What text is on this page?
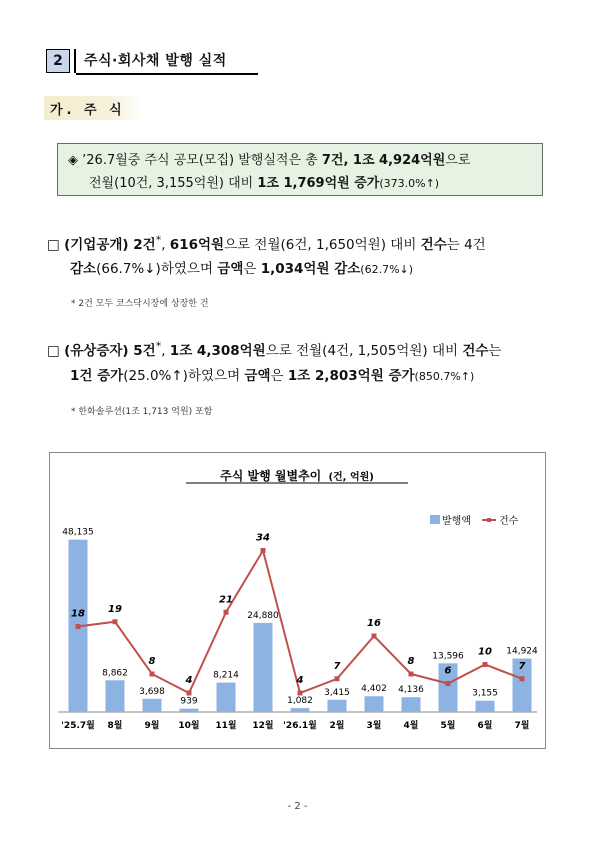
2	주식·회사채 발행 실적
가. 주 식
◈ ’26.7월중 주식 공모(모집) 발행실적은 총 7건, 1조 4,924억원으로
전월(10건, 3,155억원) 대비 1조 1,769억원 증가(373.0%↑)
□ (기업공개) 2건*, 616억원으로 전월(6건, 1,650억원) 대비 건수는 4건
감소(66.7%↓)하였으며 금액은 1,034억원 감소(62.7%↓)
* 2건 모두 코스닥시장에 상장한 건
□ (유상증자) 5건*, 1조 4,308억원으로 전월(4건, 1,505억원) 대비 건수는
1건 증가(25.0%↑)하였으며 금액은 1조 2,803억원 증가(850.7%↑)
* 한화솔루션(1조 1,713 억원) 포함
주식 발행 월별추이 (건, 억원)
발행액	건수
48,135
8,862
3,698
939
8,214
24,880
1,082
3,415 4,402 4,136
13,596
3,155
14,924
18 19
8
4
21
34
4
7
16
8
6
10
7
'25.7월 8월 9월 10월 11월 12월 '26.1월 2월 3월 4월 5월 6월 7월
- 2 -
